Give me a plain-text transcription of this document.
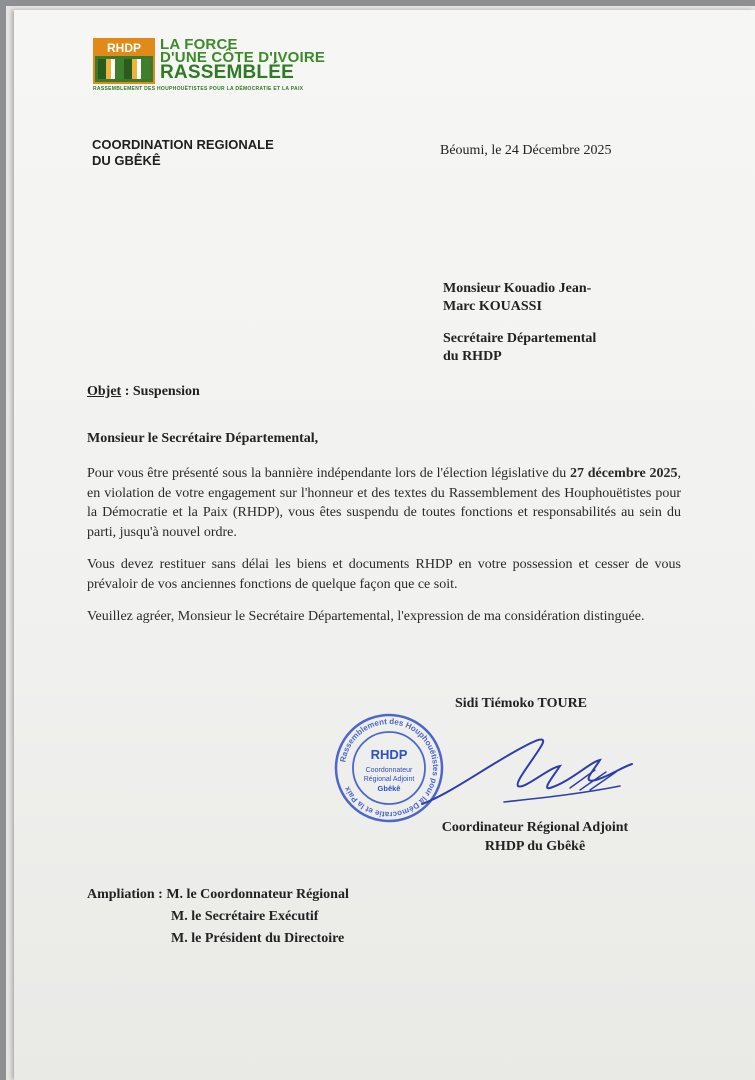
RHDP	LA FORCE
D'UNE CÔTE D'IVOIRE
RASSEMBLÉE
RASSEMBLEMENT DES HOUPHOUËTISTES POUR LA DÉMOCRATIE ET LA PAIX
COORDINATION REGIONALE
DU GBÊKÊ
Béoumi, le 24 Décembre 2025
Monsieur Kouadio Jean-
Marc KOUASSI
Secrétaire Départemental
du RHDP
Objet : Suspension
Monsieur le Secrétaire Départemental,

Pour vous être présenté sous la bannière indépendante lors de l'élection législative du 27 décembre 2025, en violation de votre engagement sur l'honneur et des textes du Rassemblement des Houphouëtistes pour la Démocratie et la Paix (RHDP), vous êtes suspendu de toutes fonctions et responsabilités au sein du parti, jusqu'à nouvel ordre.

Vous devez restituer sans délai les biens et documents RHDP en votre possession et cesser de vous prévaloir de vos anciennes fonctions de quelque façon que ce soit.

Veuillez agréer, Monsieur le Secrétaire Départemental, l'expression de ma considération distinguée.

Sidi Tiémoko TOURE
Rassemblement des Houphouëtistes pour la Démocratie et la Paix
RHDP
Coordonnateur
Régional Adjoint
Gbêkê
Coordinateur Régional Adjoint
RHDP du Gbêkê
Ampliation : M. le Coordonnateur Régional
M. le Secrétaire Exécutif
M. le Président du Directoire
